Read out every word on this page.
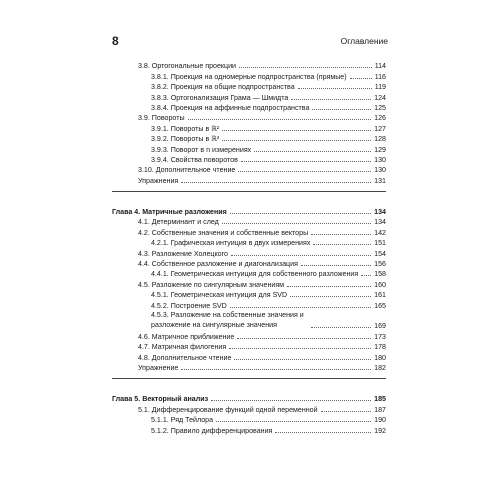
8	Оглавление
3.8. Ортогональные проекции	114
3.8.1. Проекция на одномерные подпространства (прямые)	116
3.8.2. Проекция на общие подпространства	119
3.8.3. Ортогонализация Грама — Шмидта	124
3.8.4. Проекция на аффинные подпространства	125
3.9. Повороты	126
3.9.1. Повороты в ℝ²	127
3.9.2. Повороты в ℝ³	128
3.9.3. Поворот в n измерениях	129
3.9.4. Свойства поворотов	130
3.10. Дополнительное чтение	130
Упражнения	131
Глава 4. Матричные разложения	134
4.1. Детерминант и след	134
4.2. Собственные значения и собственные векторы	142
4.2.1. Графическая интуиция в двух измерениях	151
4.3. Разложение Холецкого	154
4.4. Собственное разложение и диагонализация	156
4.4.1. Геометрическая интуиция для собственного разложения 158
4.5. Разложение по сингулярным значениям	160
4.5.1. Геометрическая интуиция для SVD	161
4.5.2. Построение SVD	165
4.5.3. Разложение на собственные значения и разложение на сингулярные значения	169
4.6. Матричное приближение	173
4.7. Матричная филогения	178
4.8. Дополнительное чтение	180
Упражнение	182
Глава 5. Векторный анализ	185
5.1. Дифференцирование функций одной переменной	187
5.1.1. Ряд Тейлора	190
5.1.2. Правило дифференцирования	192
